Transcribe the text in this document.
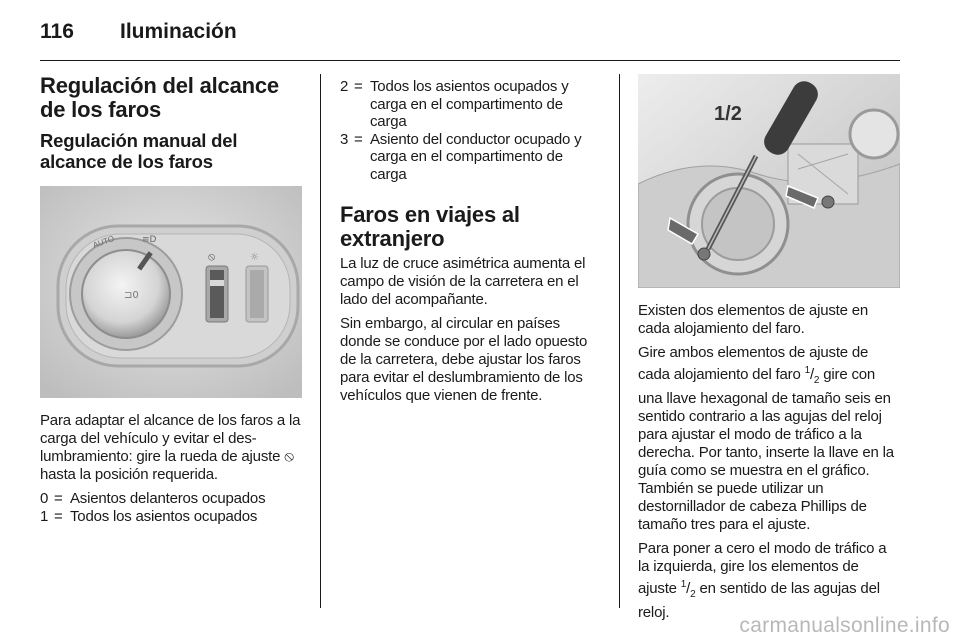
116 Iluminación
Regulación del alcance de los faros
Regulación manual del alcance de los faros
⊐0
AUTO	≡D
⦸	☼

Para adaptar el alcance de los faros a la carga del vehículo y evitar el deslumbramiento: gire la rueda de ajuste ⦸ hasta la posición requerida.

0 = Asientos delanteros ocupados
1 = Todos los asientos ocupados
2 = Todos los asientos ocupados y carga en el compartimento de carga
3 = Asiento del conductor ocupado y carga en el compartimento de carga
Faros en viajes al extranjero

La luz de cruce asimétrica aumenta el campo de visión de la carretera en el lado del acompañante.

Sin embargo, al circular en países donde se conduce por el lado opuesto de la carretera, debe ajustar los faros para evitar el deslumbramiento de los vehículos que vienen de frente.

1/2

Existen dos elementos de ajuste en cada alojamiento del faro.

Gire ambos elementos de ajuste de cada alojamiento del faro $^1/_2$ gire con una llave hexagonal de tamaño seis en sentido contrario a las agujas del reloj para ajustar el modo de tráfico a la derecha. Por tanto, inserte la llave en la guía como se muestra en el gráfico. También se puede utilizar un destornillador de cabeza Phillips de tamaño tres para el ajuste.

Para poner a cero el modo de tráfico a la izquierda, gire los elementos de ajuste $^1/_2$ en sentido de las agujas del reloj.

carmanualsonline.info
